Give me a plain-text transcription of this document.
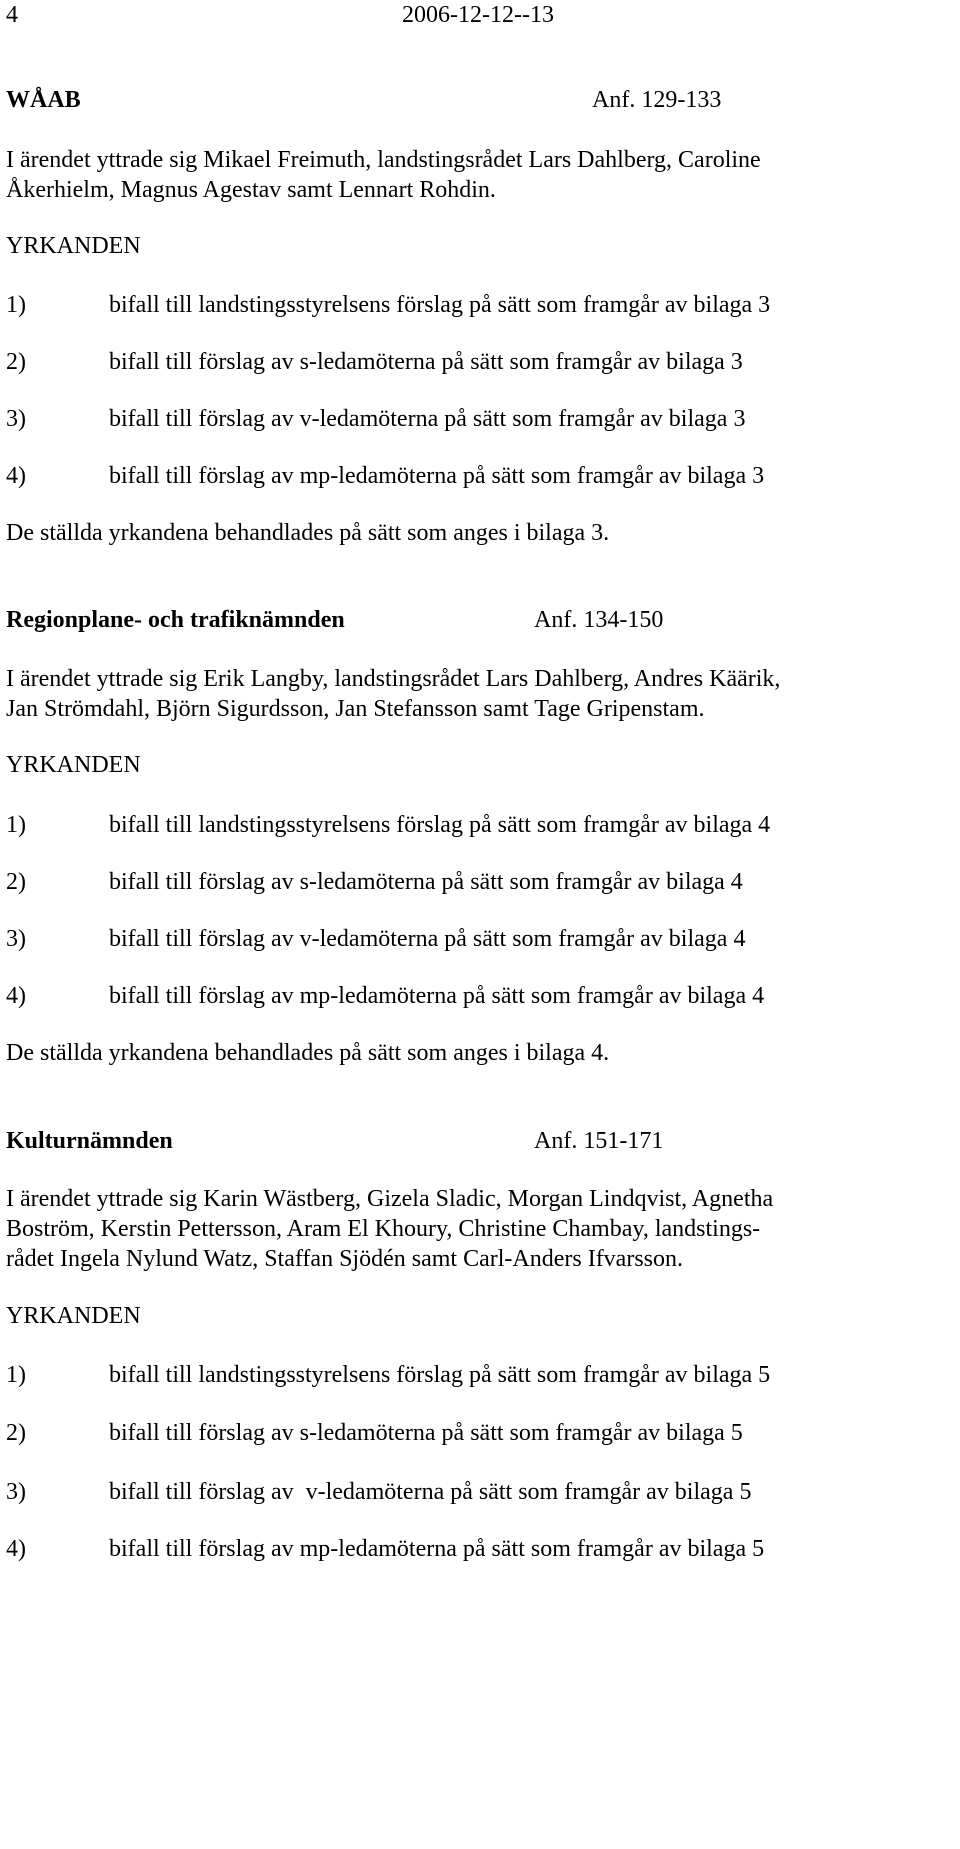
4	2006-12-12--13
WÅAB	Anf. 129-133
I ärendet yttrade sig Mikael Freimuth, landstingsrådet Lars Dahlberg, Caroline
Åkerhielm, Magnus Agestav samt Lennart Rohdin.
YRKANDEN
1)	bifall till landstingsstyrelsens förslag på sätt som framgår av bilaga 3
2)	bifall till förslag av s-ledamöterna på sätt som framgår av bilaga 3
3)	bifall till förslag av v-ledamöterna på sätt som framgår av bilaga 3
4)	bifall till förslag av mp-ledamöterna på sätt som framgår av bilaga 3
De ställda yrkandena behandlades på sätt som anges i bilaga 3.
Regionplane- och trafiknämnden	Anf. 134-150
I ärendet yttrade sig Erik Langby, landstingsrådet Lars Dahlberg, Andres Käärik,
Jan Strömdahl, Björn Sigurdsson, Jan Stefansson samt Tage Gripenstam.
YRKANDEN
1)	bifall till landstingsstyrelsens förslag på sätt som framgår av bilaga 4
2)	bifall till förslag av s-ledamöterna på sätt som framgår av bilaga 4
3)	bifall till förslag av v-ledamöterna på sätt som framgår av bilaga 4
4)	bifall till förslag av mp-ledamöterna på sätt som framgår av bilaga 4
De ställda yrkandena behandlades på sätt som anges i bilaga 4.
Kulturnämnden	Anf. 151-171
I ärendet yttrade sig Karin Wästberg, Gizela Sladic, Morgan Lindqvist, Agnetha
Boström, Kerstin Pettersson, Aram El Khoury, Christine Chambay, landstings-
rådet Ingela Nylund Watz, Staffan Sjödén samt Carl-Anders Ifvarsson.
YRKANDEN
1)	bifall till landstingsstyrelsens förslag på sätt som framgår av bilaga 5
2)	bifall till förslag av s-ledamöterna på sätt som framgår av bilaga 5
3)	bifall till förslag av  v-ledamöterna på sätt som framgår av bilaga 5
4)	bifall till förslag av mp-ledamöterna på sätt som framgår av bilaga 5
